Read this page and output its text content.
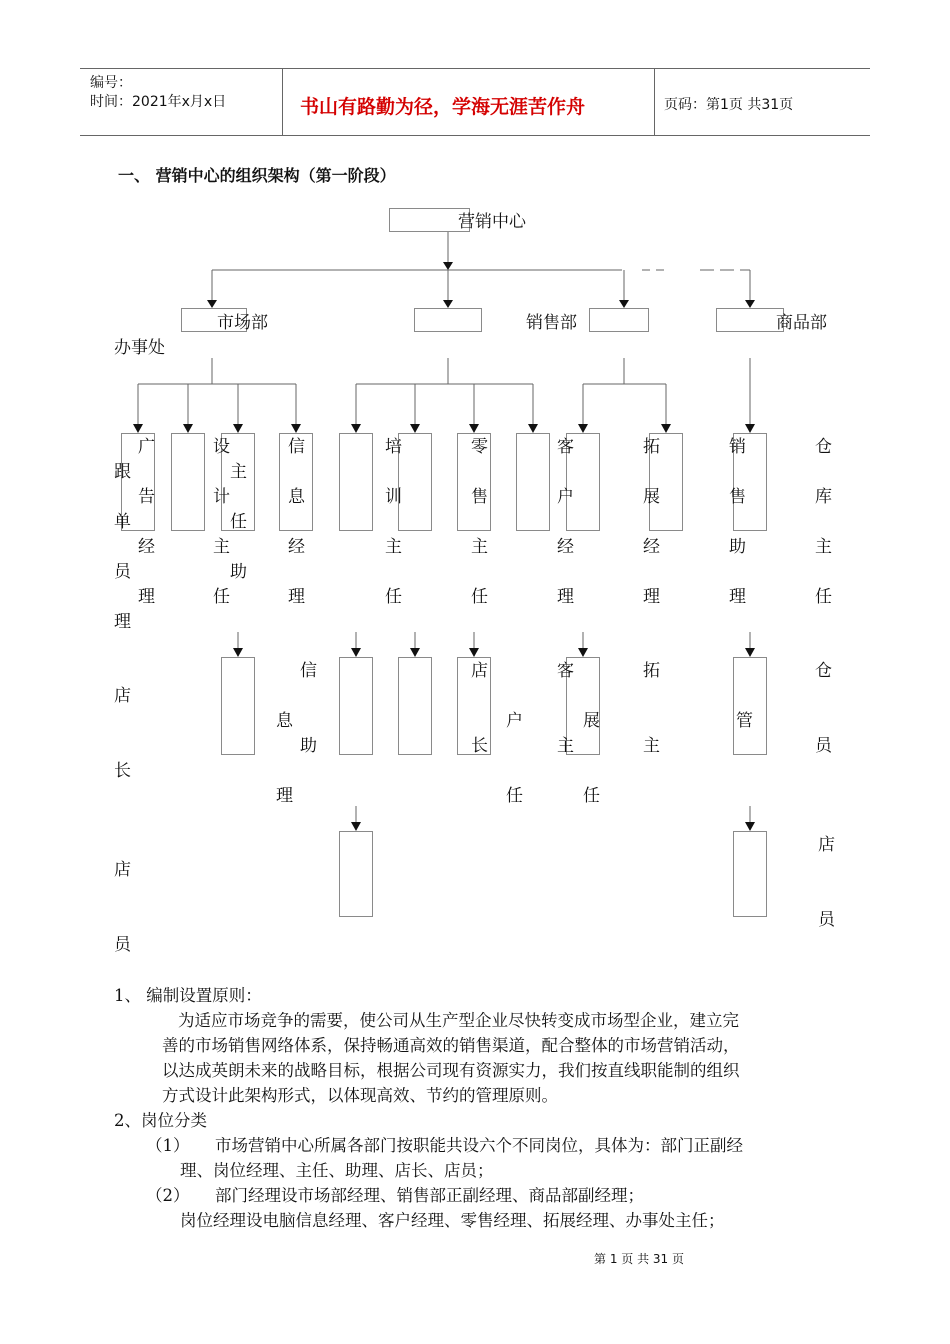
编号：
时间：2021年x月x日	书山有路勤为径，学海无涯苦作舟	页码：第1页 共31页
一、 营销中心的组织架构（第一阶段）
营销中心
市场部	销售部	商品部
办事处
广
告
经
理
跟
单
员
理
设
计
主
任
主
任
助
信
息
经
理
培
训
主
任
零
售
主
任
客
户
经
理
拓
展
经
理
销
售
助
理
仓
库
主
任
信
息
助
理
店
长
店
长
客
户
主
任
拓
展
主
任
仓
管
员
店
员
店
员
1、 编制设置原则：
为适应市场竞争的需要，使公司从生产型企业尽快转变成市场型企业，建立完
善的市场销售网络体系，保持畅通高效的销售渠道，配合整体的市场营销活动，
以达成英朗未来的战略目标，根据公司现有资源实力，我们按直线职能制的组织
方式设计此架构形式，以体现高效、节约的管理原则。
2、岗位分类
（1） 市场营销中心所属各部门按职能共设六个不同岗位，具体为：部门正副经
理、岗位经理、主任、助理、店长、店员；
（2） 部门经理设市场部经理、销售部正副经理、商品部副经理；
岗位经理设电脑信息经理、客户经理、零售经理、拓展经理、办事处主任；
第 1 页 共 31 页
